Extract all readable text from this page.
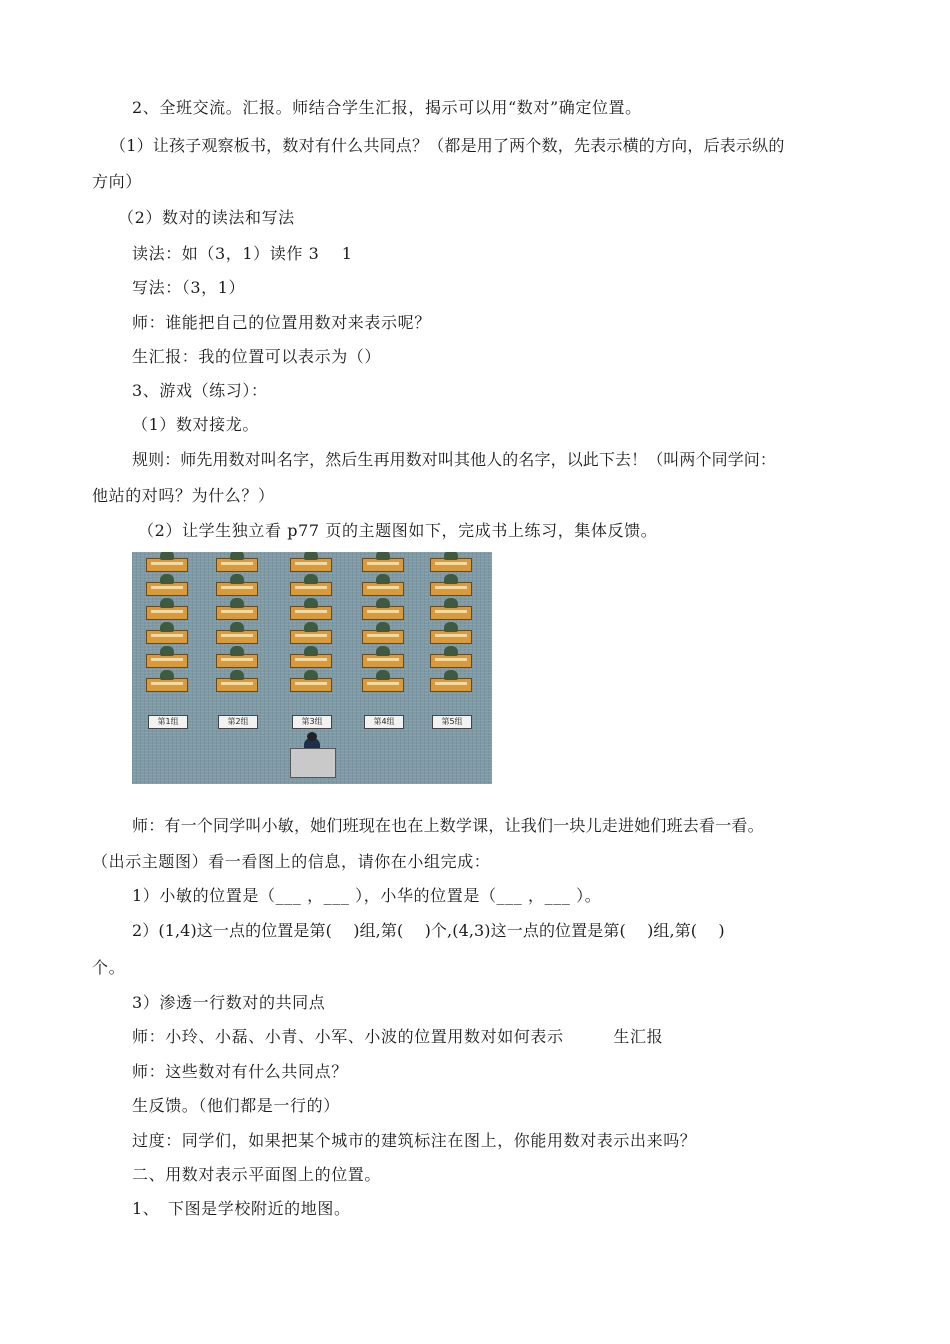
2、全班交流。汇报。师结合学生汇报，揭示可以用“数对”确定位置。
（1）让孩子观察板书，数对有什么共同点？（都是用了两个数，先表示横的方向，后表示纵的
方向）
（2）数对的读法和写法
读法：如（3，1）读作 3　 1
写法：（3，1）
师：谁能把自己的位置用数对来表示呢？
生汇报：我的位置可以表示为（）
3、游戏（练习）：
（1）数对接龙。
规则：师先用数对叫名字，然后生再用数对叫其他人的名字，以此下去！（叫两个同学问：
他站的对吗？为什么？）
（2）让学生独立看 p77 页的主题图如下，完成书上练习，集体反馈。
第1组	第2组	第3组	第4组	第5组
师：有一个同学叫小敏，她们班现在也在上数学课，让我们一块儿走进她们班去看一看。
（出示主题图）看一看图上的信息，请你在小组完成：
1）小敏的位置是（___ ，___ ），小华的位置是（___ ，___ ）。
2）(1,4)这一点的位置是第(　 )组,第(　 )个,(4,3)这一点的位置是第(　 )组,第(　 )
个。
3）渗透一行数对的共同点
师：小玲、小磊、小青、小军、小波的位置用数对如何表示　　　生汇报
师：这些数对有什么共同点？
生反馈。（他们都是一行的）
过度：同学们，如果把某个城市的建筑标注在图上，你能用数对表示出来吗？
二、用数对表示平面图上的位置。
1、　下图是学校附近的地图。
